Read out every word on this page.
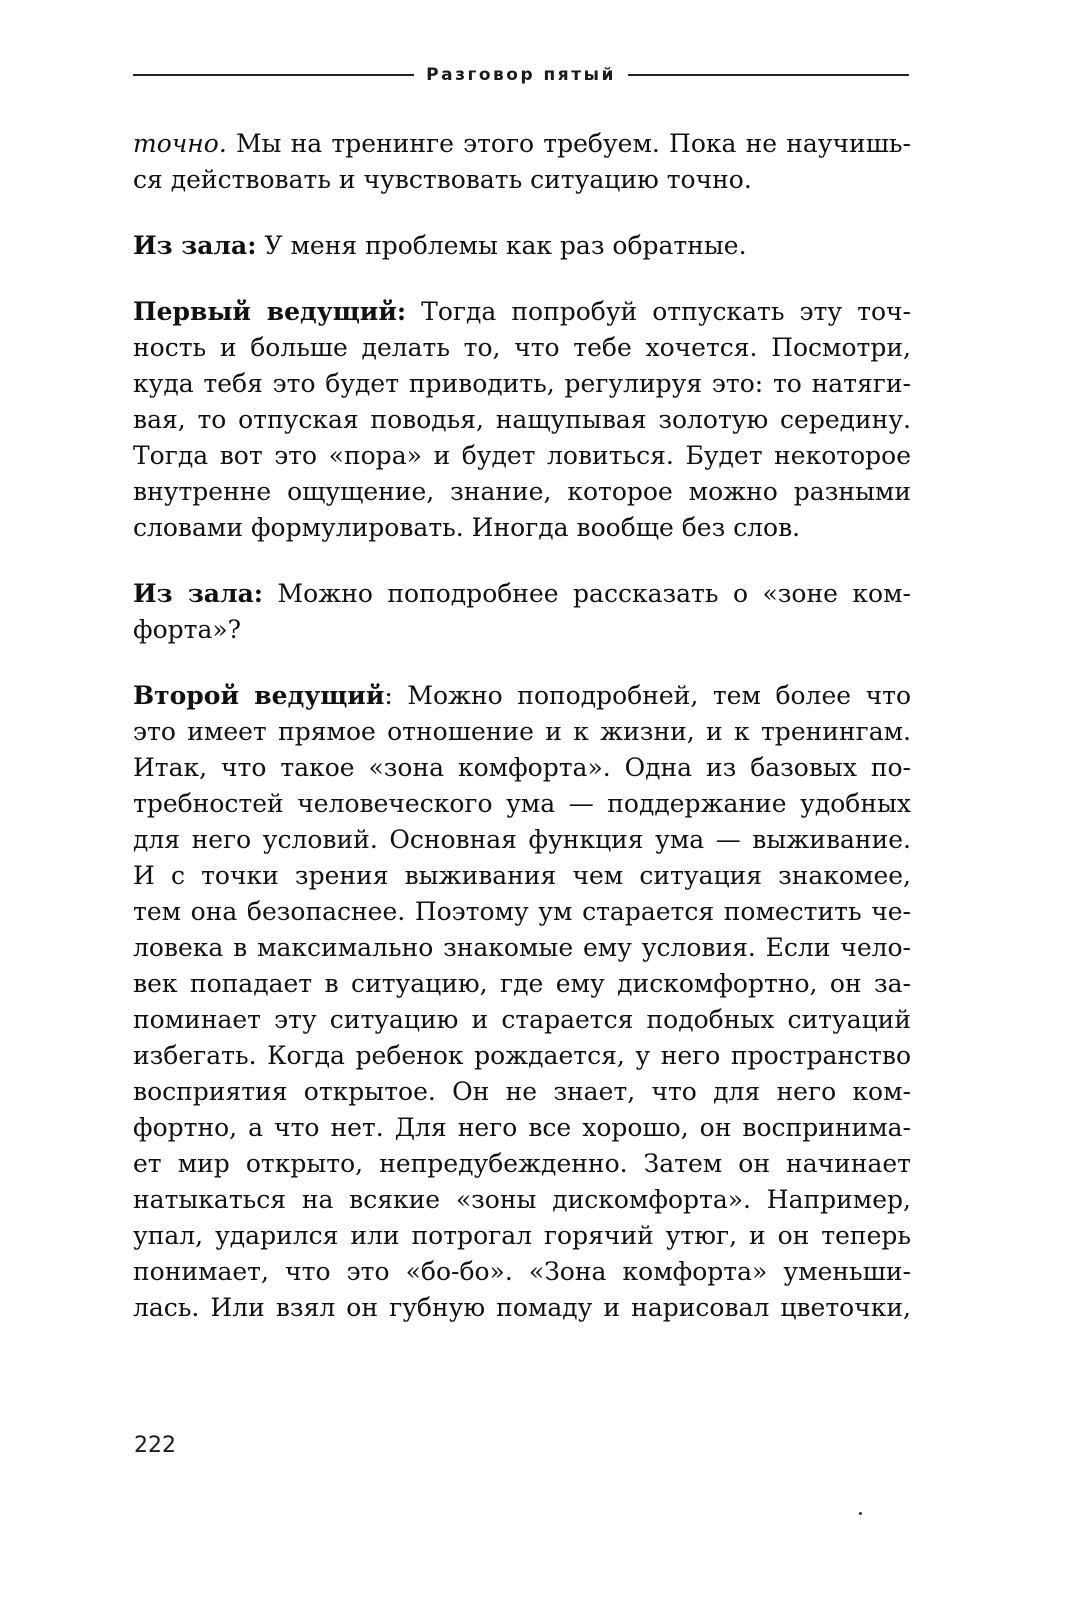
Разговор пятый
точно. Мы на тренинге этого требуем. Пока не научишь-
ся действовать и чувствовать ситуацию точно.
Из зала: У меня проблемы как раз обратные.
Первый ведущий: Тогда попробуй отпускать эту точ-
ность и больше делать то, что тебе хочется. Посмотри,
куда тебя это будет приводить, регулируя это: то натяги-
вая, то отпуская поводья, нащупывая золотую середину.
Тогда вот это «пора» и будет ловиться. Будет некоторое
внутренне ощущение, знание, которое можно разными
словами формулировать. Иногда вообще без слов.
Из зала: Можно поподробнее рассказать о «зоне ком-
форта»?
Второй ведущий: Можно поподробней, тем более что
это имеет прямое отношение и к жизни, и к тренингам.
Итак, что такое «зона комфорта». Одна из базовых по-
требностей человеческого ума — поддержание удобных
для него условий. Основная функция ума — выживание.
И с точки зрения выживания чем ситуация знакомее,
тем она безопаснее. Поэтому ум старается поместить че-
ловека в максимально знакомые ему условия. Если чело-
век попадает в ситуацию, где ему дискомфортно, он за-
поминает эту ситуацию и старается подобных ситуаций
избегать. Когда ребенок рождается, у него пространство
восприятия открытое. Он не знает, что для него ком-
фортно, а что нет. Для него все хорошо, он воспринима-
ет мир открыто, непредубежденно. Затем он начинает
натыкаться на всякие «зоны дискомфорта». Например,
упал, ударился или потрогал горячий утюг, и он теперь
понимает, что это «бо-бо». «Зона комфорта» уменьши-
лась. Или взял он губную помаду и нарисовал цветочки,
222
